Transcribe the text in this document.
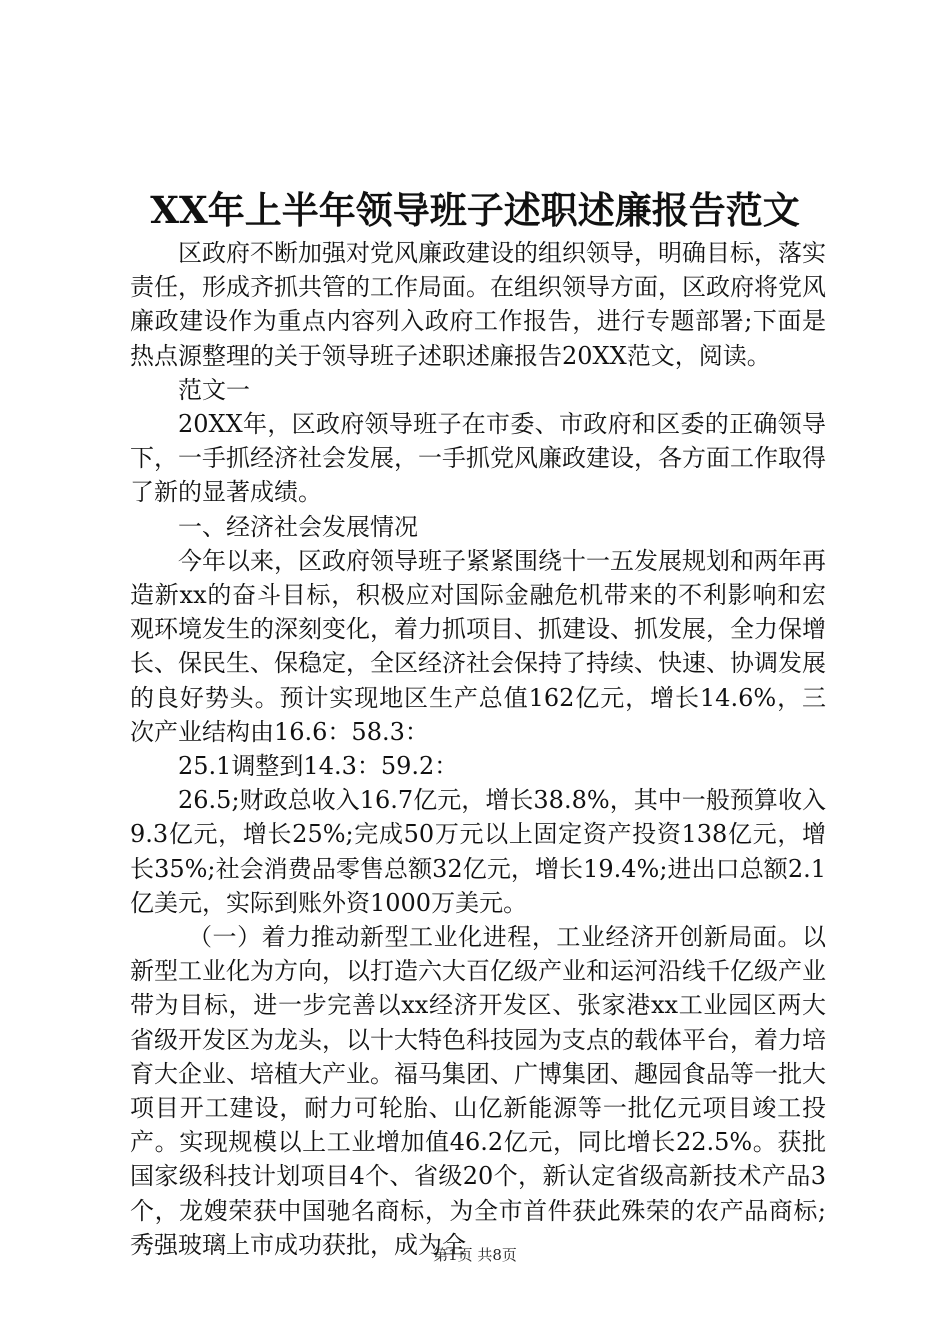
XX年上半年领导班子述职述廉报告范文

区政府不断加强对党风廉政建设的组织领导，明确目标，落实责任，形成齐抓共管的工作局面。在组织领导方面，区政府将党风廉政建设作为重点内容列入政府工作报告，进行专题部署;下面是热点源整理的关于领导班子述职述廉报告20XX范文，阅读。

范文一

20XX年，区政府领导班子在市委、市政府和区委的正确领导下，一手抓经济社会发展，一手抓党风廉政建设，各方面工作取得了新的显著成绩。

一、经济社会发展情况

今年以来，区政府领导班子紧紧围绕十一五发展规划和两年再造新xx的奋斗目标，积极应对国际金融危机带来的不利影响和宏观环境发生的深刻变化，着力抓项目、抓建设、抓发展，全力保增长、保民生、保稳定，全区经济社会保持了持续、快速、协调发展的良好势头。预计实现地区生产总值162亿元，增长14.6%，三次产业结构由16.6：58.3：

25.1调整到14.3：59.2：

26.5;财政总收入16.7亿元，增长38.8%，其中一般预算收入9.3亿元，增长25%;完成50万元以上固定资产投资138亿元，增长35%;社会消费品零售总额32亿元，增长19.4%;进出口总额2.1亿美元，实际到账外资1000万美元。

（一）着力推动新型工业化进程，工业经济开创新局面。以新型工业化为方向，以打造六大百亿级产业和运河沿线千亿级产业带为目标，进一步完善以xx经济开发区、张家港xx工业园区两大省级开发区为龙头，以十大特色科技园为支点的载体平台，着力培育大企业、培植大产业。福马集团、广博集团、趣园食品等一批大项目开工建设，耐力可轮胎、山亿新能源等一批亿元项目竣工投产。实现规模以上工业增加值46.2亿元，同比增长22.5%。获批国家级科技计划项目4个、省级20个，新认定省级高新技术产品3个，龙嫂荣获中国驰名商标，为全市首件获此殊荣的农产品商标;秀强玻璃上市成功获批，成为全

第1页 共8页
